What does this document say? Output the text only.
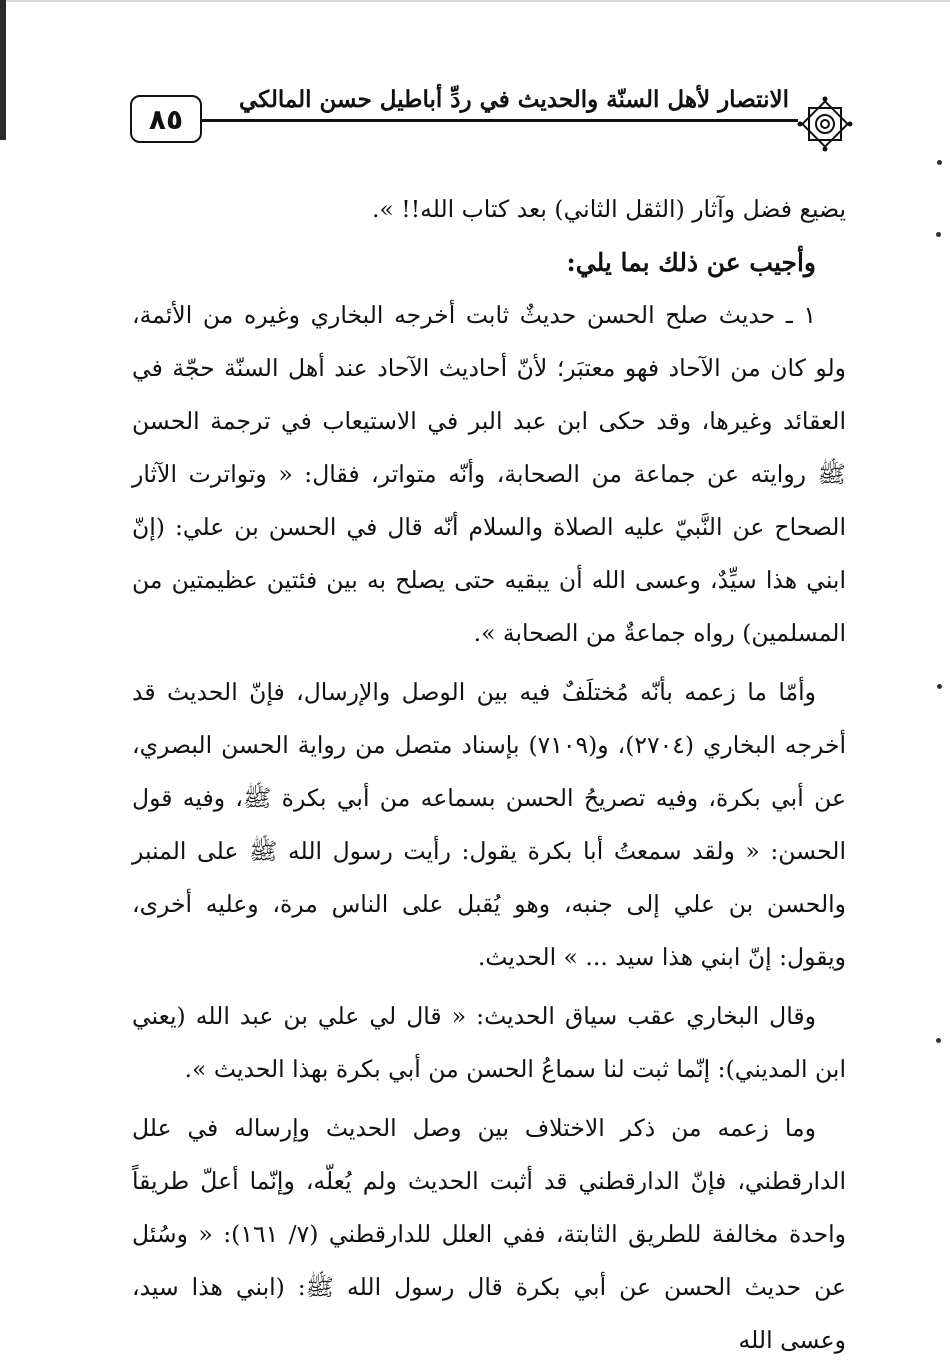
٨٥
الانتصار لأهل السنّة والحديث في ردِّ أباطيل حسن المالكي

يضيع فضل وآثار (الثقل الثاني) بعد كتاب الله!! ».

وأجيب عن ذلك بما يلي:

١ ـ حديث صلح الحسن حديثٌ ثابت أخرجه البخاري وغيره من الأئمة، ولو كان من الآحاد فهو معتبَر؛ لأنّ أحاديث الآحاد عند أهل السنّة حجّة في العقائد وغيرها، وقد حكى ابن عبد البر في الاستيعاب في ترجمة الحسن ﷺ روايته عن جماعة من الصحابة، وأنّه متواتر، فقال: « وتواترت الآثار الصحاح عن النَّبيّ عليه الصلاة والسلام أنّه قال في الحسن بن علي: (إنّ ابني هذا سيِّدٌ، وعسى الله أن يبقيه حتى يصلح به بين فئتين عظيمتين من المسلمين) رواه جماعةٌ من الصحابة ».

وأمّا ما زعمه بأنّه مُختلَفٌ فيه بين الوصل والإرسال، فإنّ الحديث قد أخرجه البخاري (٢٧٠٤)، و(٧١٠٩) بإسناد متصل من رواية الحسن البصري، عن أبي بكرة، وفيه تصريحُ الحسن بسماعه من أبي بكرة ﷺ، وفيه قول الحسن: « ولقد سمعتُ أبا بكرة يقول: رأيت رسول الله ﷺ على المنبر والحسن بن علي إلى جنبه، وهو يُقبل على الناس مرة، وعليه أخرى، ويقول: إنّ ابني هذا سيد ... » الحديث.

وقال البخاري عقب سياق الحديث: « قال لي علي بن عبد الله (يعني ابن المديني): إنّما ثبت لنا سماعُ الحسن من أبي بكرة بهذا الحديث ».

وما زعمه من ذكر الاختلاف بين وصل الحديث وإرساله في علل الدارقطني، فإنّ الدارقطني قد أثبت الحديث ولم يُعلّه، وإنّما أعلّ طريقاً واحدة مخالفة للطريق الثابتة، ففي العلل للدارقطني (٧/ ١٦١): « وسُئل عن حديث الحسن عن أبي بكرة قال رسول الله ﷺ: (ابني هذا سيد، وعسى الله
